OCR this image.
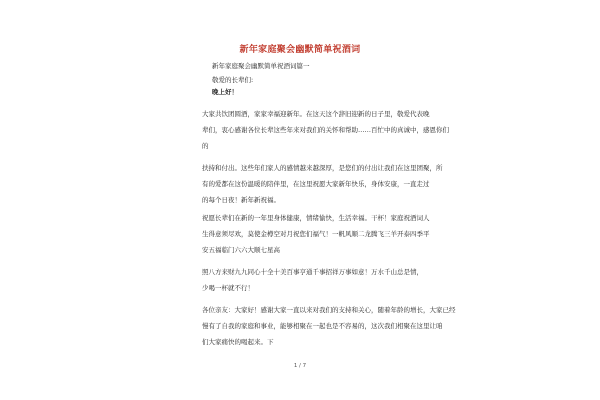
新年家庭聚会幽默简单祝酒词
新年家庭聚会幽默简单祝酒词篇一
敬爱的长辈们:
晚上好！
大家共饮团圆酒，家家幸福迎新年。在这天这个辞旧迎新的日子里，敬爱代表晚
辈们，衷心感谢各位长辈这些年来对我们的关怀和帮助……百忙中的真诚中，感恩你们
的
扶持和付出。这些年们家人的感情越来越深厚，是您们的付出让我们在这里团聚，所
有的爱都在这份温暖的陪伴里，在这里祝愿大家新年快乐，身体安康，一直走过
的每个日夜！新年新祝福。
祝愿长辈们在新的一年里身体健康，情绪愉快，生活幸福。干杯！家庭祝酒词人
生得意须尽欢，莫使金樽空对月祝您们福气！一帆风顺二龙腾飞三羊开泰四季平
安五福临门六六大顺七星高
照八方来财九九同心十全十美百事亨通千事招祥万事如意！万水千山总是情，
少喝一杯就不行！
各位亲友：大家好！感谢大家一直以来对我们的支持和关心，随着年龄的增长，大家已经
慢有了自我的家庭和事业，能够相聚在一起也是不容易的，这次我们相聚在这里让咱
们大家痛快的喝起来。下
1 / 7
